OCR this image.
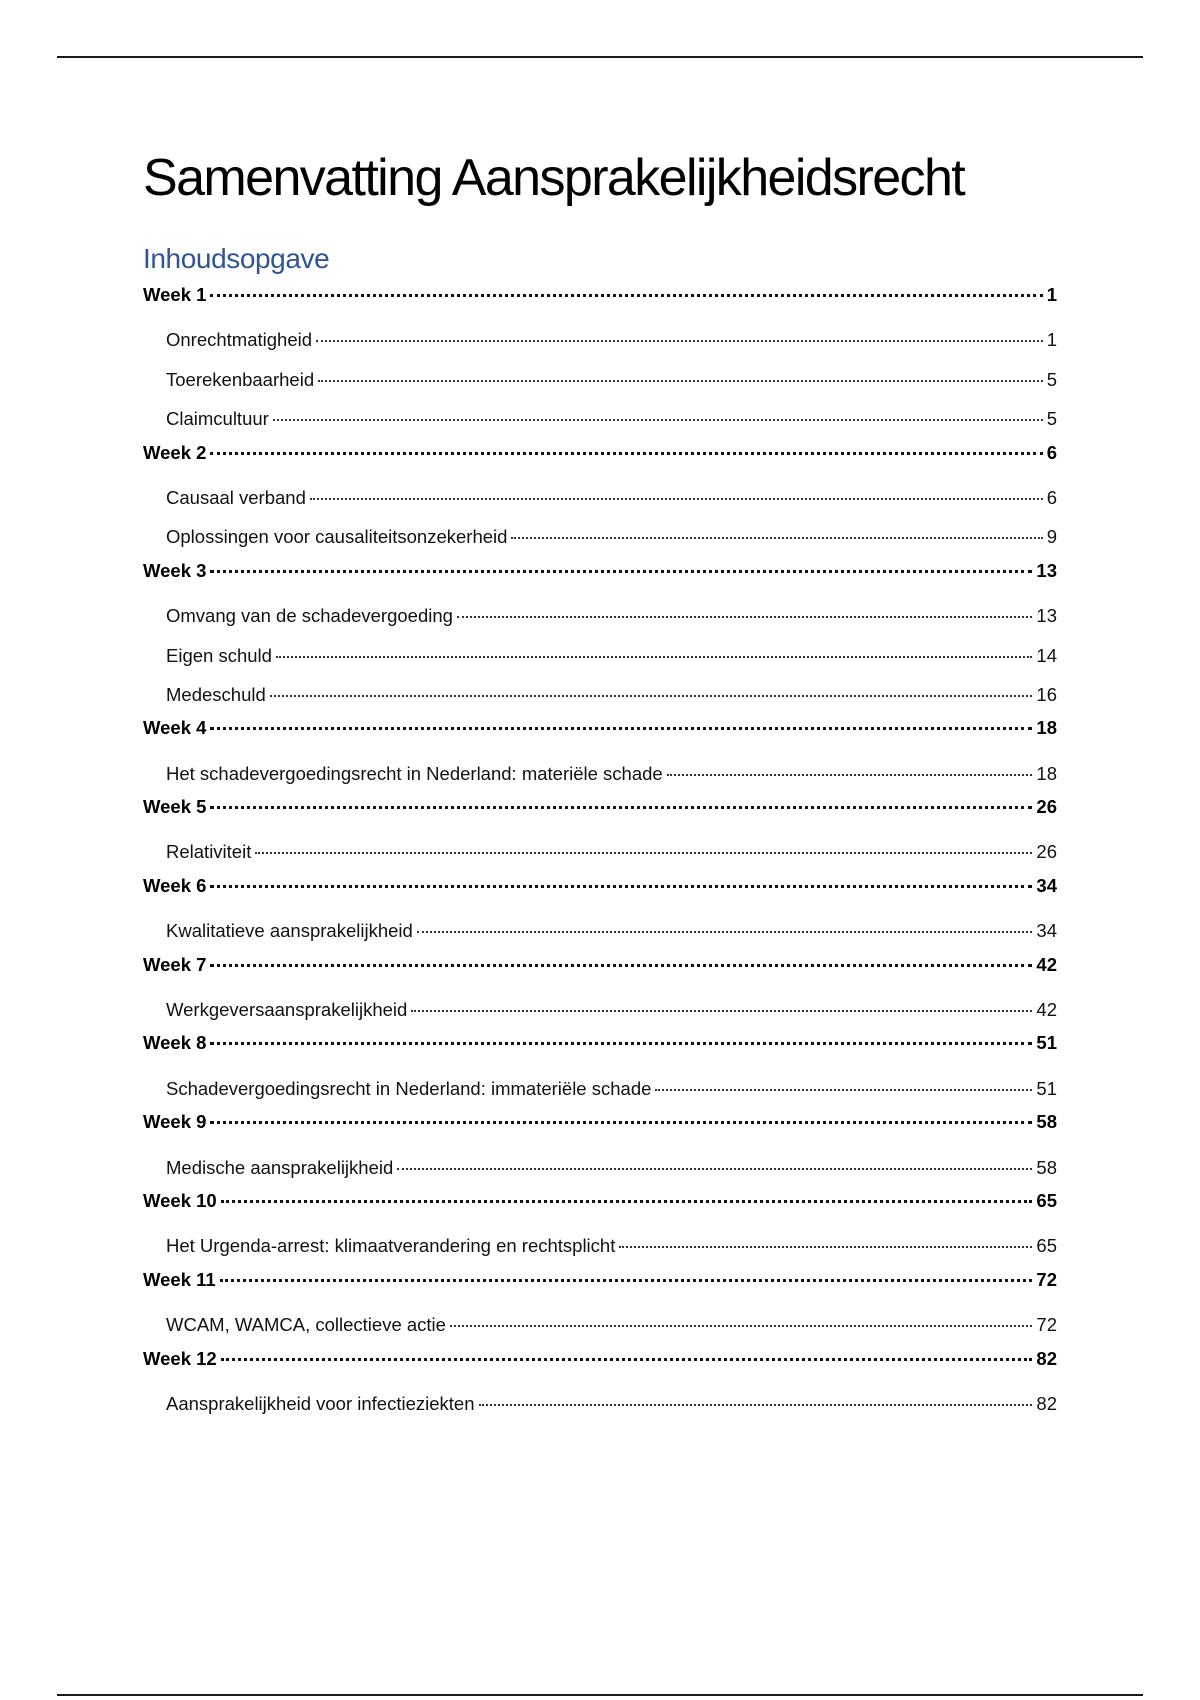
Samenvatting Aansprakelijkheidsrecht
Inhoudsopgave
Week 1	1
Onrechtmatigheid	1
Toerekenbaarheid	5
Claimcultuur	5
Week 2	6
Causaal verband	6
Oplossingen voor causaliteitsonzekerheid	9
Week 3	13
Omvang van de schadevergoeding	13
Eigen schuld	14
Medeschuld	16
Week 4	18
Het schadevergoedingsrecht in Nederland: materiële schade	18
Week 5	26
Relativiteit	26
Week 6	34
Kwalitatieve aansprakelijkheid	34
Week 7	42
Werkgeversaansprakelijkheid	42
Week 8	51
Schadevergoedingsrecht in Nederland: immateriële schade	51
Week 9	58
Medische aansprakelijkheid	58
Week 10	65
Het Urgenda-arrest: klimaatverandering en rechtsplicht	65
Week 11	72
WCAM, WAMCA, collectieve actie	72
Week 12	82
Aansprakelijkheid voor infectieziekten	82
